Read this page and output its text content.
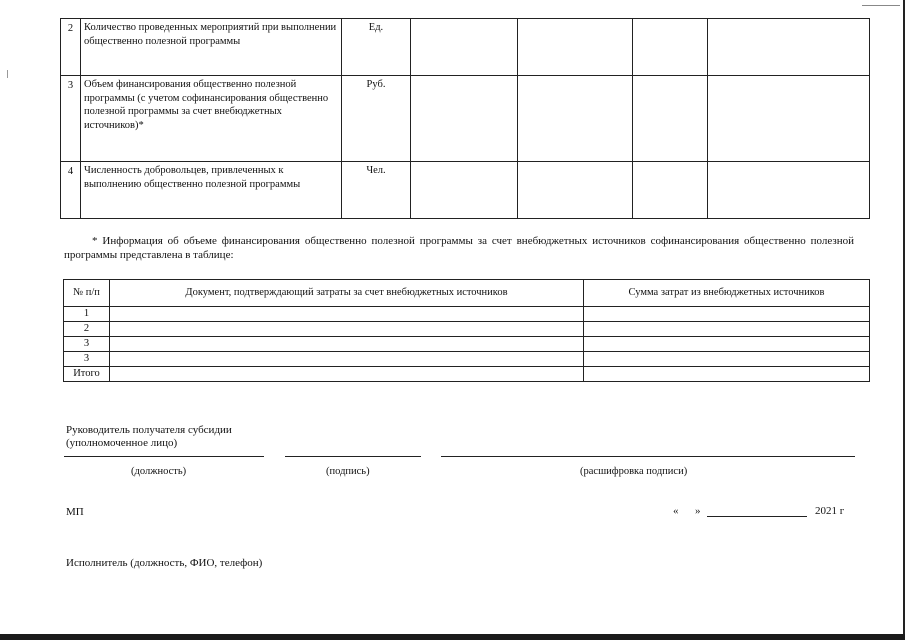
2	Количество проведенных мероприятий при выполнении общественно полезной программы	Ед.				
3	Объем финансирования общественно полезной программы (с учетом софинансирования общественно полезной программы за счет внебюджетных источников)*	Руб.				
4	Численность добровольцев, привлеченных к выполнению общественно полезной программы	Чел.				
* Информация об объеме финансирования общественно полезной программы за счет внебюджетных источников софинансирования общественно полезной программы представлена в таблице:
№ п/п	Документ, подтверждающий затраты за счет внебюджетных источников	Сумма затрат из внебюджетных источников
1		
2		
3		
3		
Итого		
Руководитель получателя субсидии
(уполномоченное лицо)
(должность)	(подпись)	(расшифровка подписи)
МП	«      »	2021 г
Исполнитель (должность, ФИО, телефон)
